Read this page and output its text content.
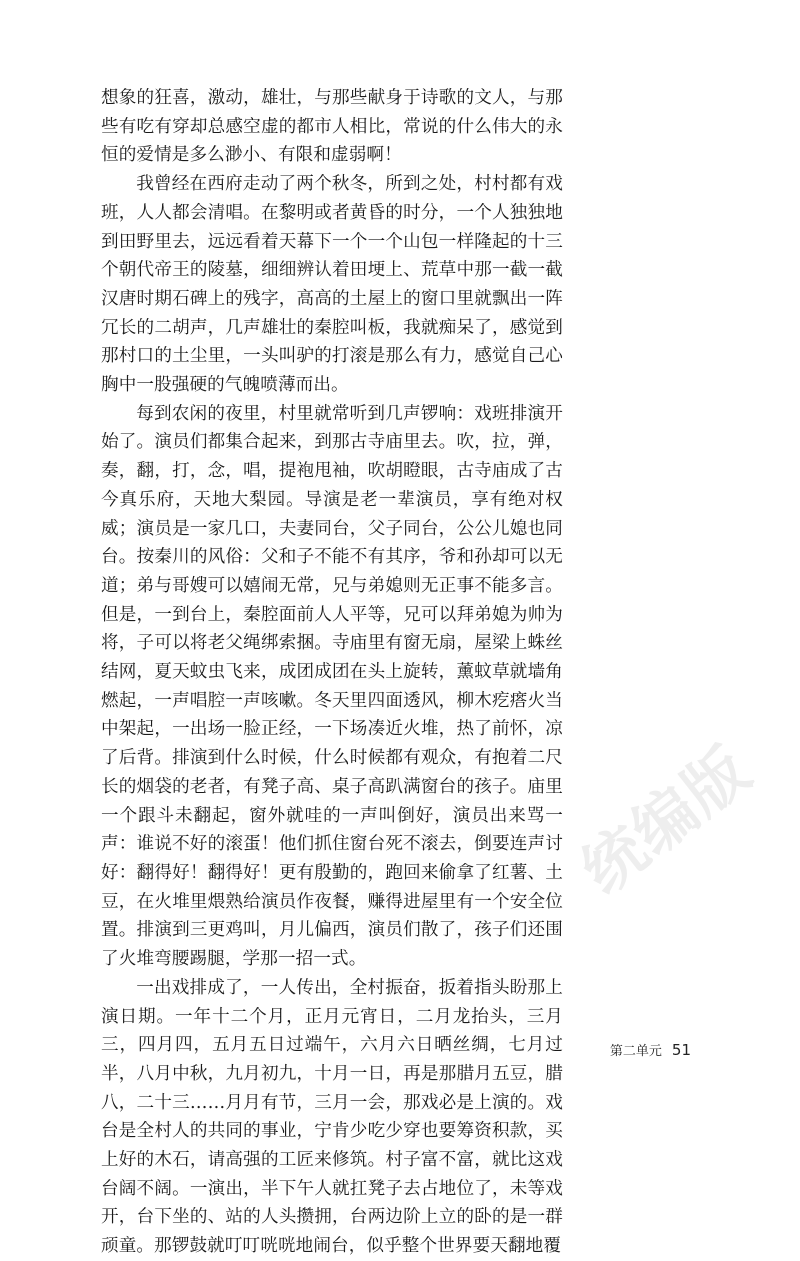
统编版

想象的狂喜，激动，雄壮，与那些献身于诗歌的文人，与那些有吃有穿却总感空虚的都市人相比，常说的什么伟大的永恒的爱情是多么渺小、有限和虚弱啊！

我曾经在西府走动了两个秋冬，所到之处，村村都有戏班，人人都会清唱。在黎明或者黄昏的时分，一个人独独地到田野里去，远远看着天幕下一个一个山包一样隆起的十三个朝代帝王的陵墓，细细辨认着田埂上、荒草中那一截一截汉唐时期石碑上的残字，高高的土屋上的窗口里就飘出一阵冗长的二胡声，几声雄壮的秦腔叫板，我就痴呆了，感觉到那村口的土尘里，一头叫驴的打滚是那么有力，感觉自己心胸中一股强硬的气魄喷薄而出。

每到农闲的夜里，村里就常听到几声锣响：戏班排演开始了。演员们都集合起来，到那古寺庙里去。吹，拉，弹，奏，翻，打，念，唱，提袍甩袖，吹胡瞪眼，古寺庙成了古今真乐府，天地大梨园。导演是老一辈演员，享有绝对权威；演员是一家几口，夫妻同台，父子同台，公公儿媳也同台。按秦川的风俗：父和子不能不有其序，爷和孙却可以无道；弟与哥嫂可以嬉闹无常，兄与弟媳则无正事不能多言。但是，一到台上，秦腔面前人人平等，兄可以拜弟媳为帅为将，子可以将老父绳绑索捆。寺庙里有窗无扇，屋梁上蛛丝结网，夏天蚊虫飞来，成团成团在头上旋转，薰蚊草就墙角燃起，一声唱腔一声咳嗽。冬天里四面透风，柳木疙瘩火当中架起，一出场一脸正经，一下场凑近火堆，热了前怀，凉了后背。排演到什么时候，什么时候都有观众，有抱着二尺长的烟袋的老者，有凳子高、桌子高趴满窗台的孩子。庙里一个跟斗未翻起，窗外就哇的一声叫倒好，演员出来骂一声：谁说不好的滚蛋！他们抓住窗台死不滚去，倒要连声讨好：翻得好！翻得好！更有殷勤的，跑回来偷拿了红薯、土豆，在火堆里煨熟给演员作夜餐，赚得进屋里有一个安全位置。排演到三更鸡叫，月儿偏西，演员们散了，孩子们还围了火堆弯腰踢腿，学那一招一式。

一出戏排成了，一人传出，全村振奋，扳着指头盼那上演日期。一年十二个月，正月元宵日，二月龙抬头，三月三，四月四，五月五日过端午，六月六日晒丝绸，七月过半，八月中秋，九月初九，十月一日，再是那腊月五豆，腊八，二十三……月月有节，三月一会，那戏必是上演的。戏台是全村人的共同的事业，宁肯少吃少穿也要筹资积款，买上好的木石，请高强的工匠来修筑。村子富不富，就比这戏台阔不阔。一演出，半下午人就扛凳子去占地位了，未等戏开，台下坐的、站的人头攒拥，台两边阶上立的卧的是一群顽童。那锣鼓就叮叮咣咣地闹台，似乎整个世界要天翻地覆

第二单元 51
